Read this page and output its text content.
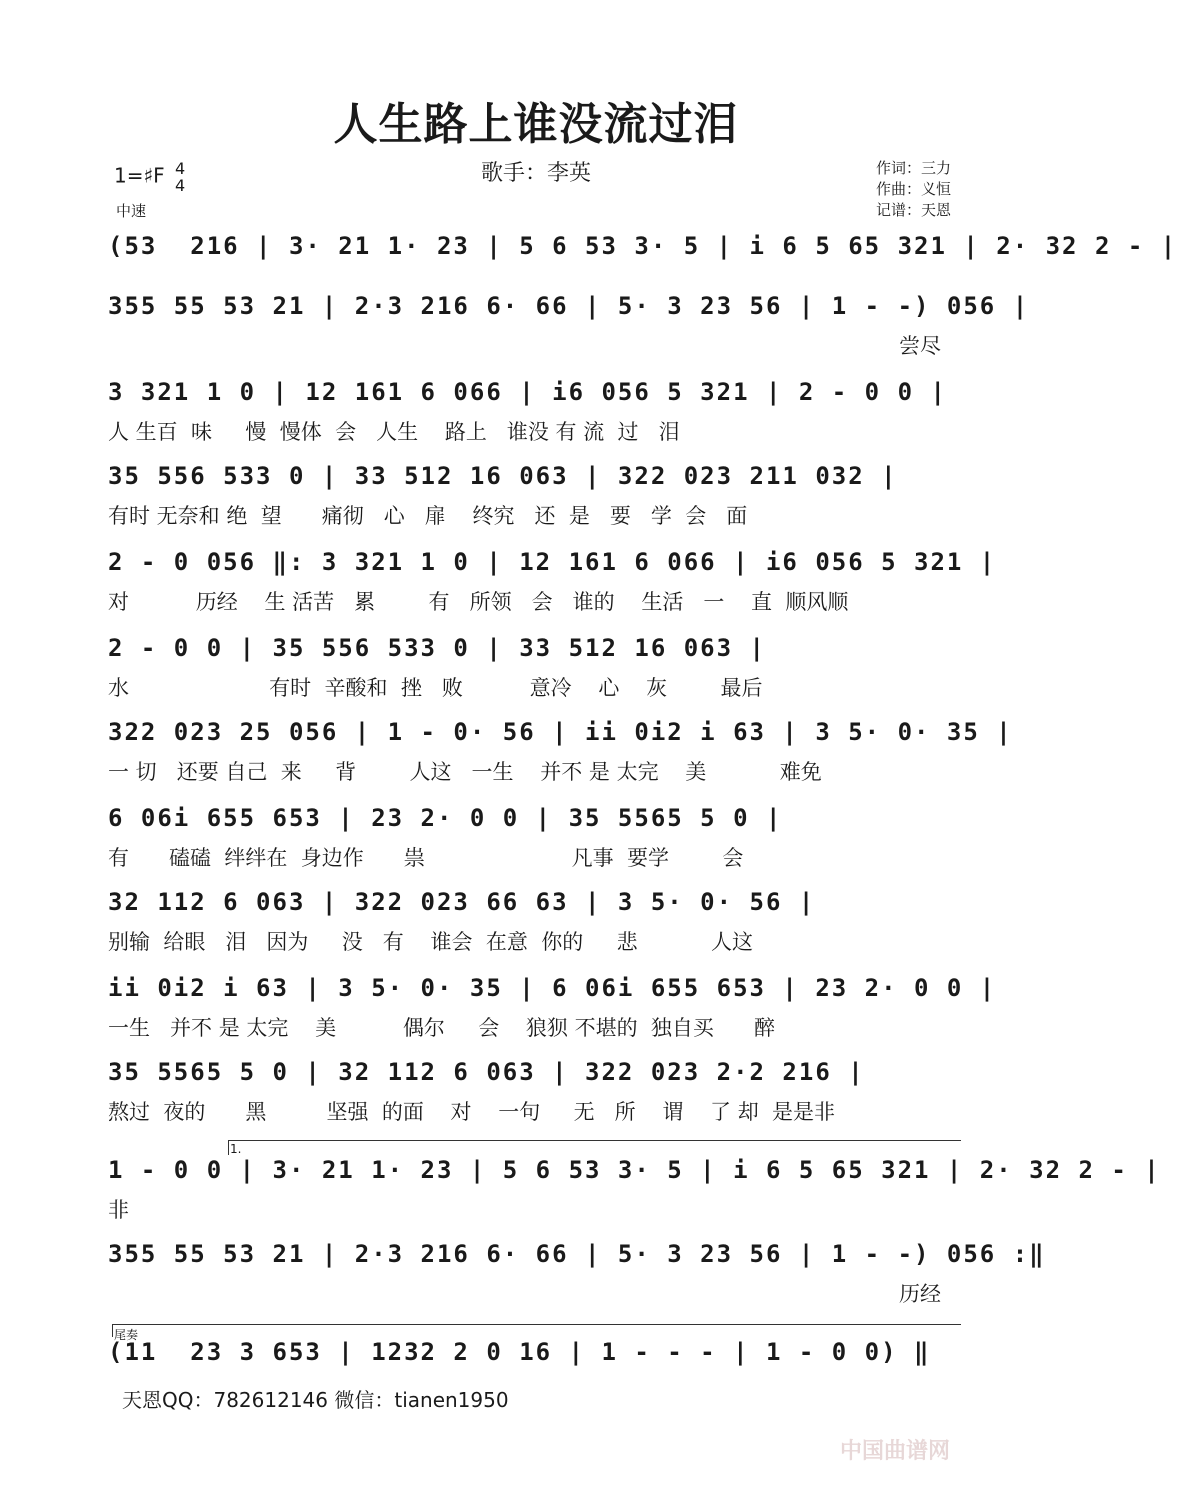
人生路上谁没流过泪
1=♯F 4
4
中速
歌手：李英	作词：三力
作曲：义恒
记谱：天恩
(53  216 | 3· 21 1· 23 | 5 6 53 3· 5 | i 6 5 65 321 | 2· 32 2 - |
355 55 53 21 | 2·3 216 6· 66 | 5· 3 23 56 | 1 - -) 056 |
尝尽
3 321 1 0 | 12 161 6 066 | i6 056 5 321 | 2 - 0 0 |
人 生百  味     慢  慢体  会   人生    路上   谁没 有 流  过   泪
35 556 533 0 | 33 512 16 063 | 322 023 211 032 |
有时 无奈和 绝  望      痛彻   心   扉    终究   还  是   要   学  会   面
2 - 0 056 ‖: 3 321 1 0 | 12 161 6 066 | i6 056 5 321 |
对          历经    生 活苦   累        有   所领   会   谁的    生活   一    直  顺风顺
2 - 0 0 | 35 556 533 0 | 33 512 16 063 |
水                     有时  辛酸和  挫   败          意冷    心    灰        最后
322 023 25 056 | 1 - 0· 56 | ii 0i2 i 63 | 3 5· 0· 35 |
一 切   还要 自己  来     背        人这   一生    并不 是 太完    美           难免
6 06i 655 653 | 23 2· 0 0 | 35 5565 5 0 |
有      磕磕  绊绊在  身边作      祟                      凡事  要学        会
32 112 6 063 | 322 023 66 63 | 3 5· 0· 56 |
别输  给眼   泪   因为     没   有    谁会  在意  你的     悲           人这
ii 0i2 i 63 | 3 5· 0· 35 | 6 06i 655 653 | 23 2· 0 0 |
一生   并不 是 太完    美          偶尔     会    狼狈 不堪的  独自买      醉
35 5565 5 0 | 32 112 6 063 | 322 023 2·2 216 |
熬过  夜的      黑         坚强  的面    对    一句     无   所    谓    了 却  是是非
1 - 0 0 | 3· 21 1· 23 | 5 6 53 3· 5 | i 6 5 65 321 | 2· 32 2 - |
非
355 55 53 21 | 2·3 216 6· 66 | 5· 3 23 56 | 1 - -) 056 :‖
历经
(11  23 3 653 | 1232 2 0 16 | 1 - - - | 1 - 0 0) ‖
1.
尾奏
天恩QQ：782612146 微信：tianen1950
中国曲谱网
